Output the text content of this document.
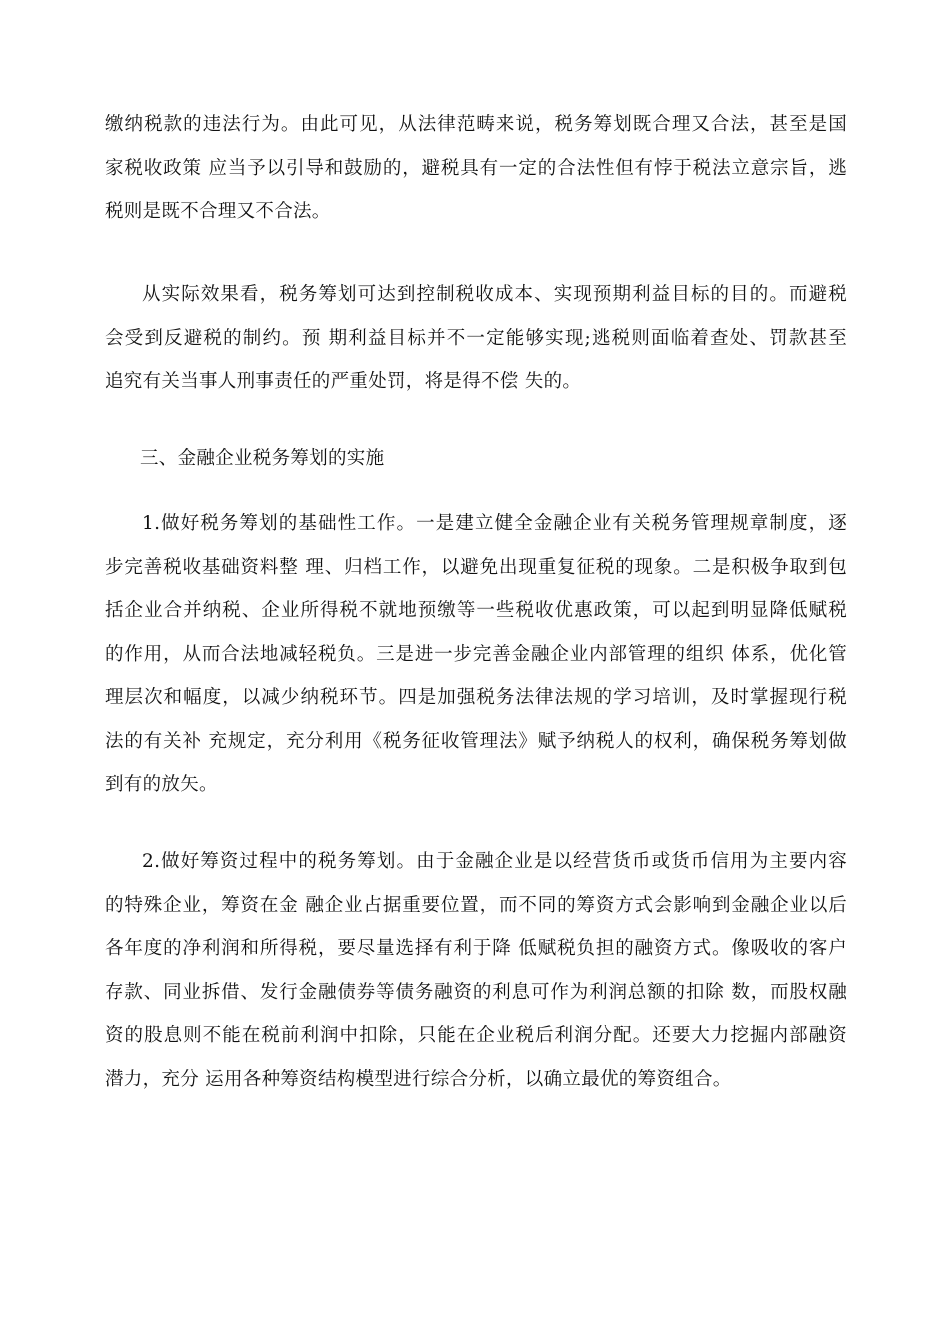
缴纳税款的违法行为。由此可见，从法律范畴来说，税务筹划既合理又合法，甚至是国
家税收政策 应当予以引导和鼓励的，避税具有一定的合法性但有悖于税法立意宗旨，逃
税则是既不合理又不合法。

从实际效果看，税务筹划可达到控制税收成本、实现预期利益目标的目的。而避税
会受到反避税的制约。预 期利益目标并不一定能够实现;逃税则面临着查处、罚款甚至
追究有关当事人刑事责任的严重处罚，将是得不偿 失的。

三、金融企业税务筹划的实施

1.做好税务筹划的基础性工作。一是建立健全金融企业有关税务管理规章制度，逐
步完善税收基础资料整 理、归档工作，以避免出现重复征税的现象。二是积极争取到包
括企业合并纳税、企业所得税不就地预缴等一些税收优惠政策，可以起到明显降低赋税
的作用，从而合法地减轻税负。三是进一步完善金融企业内部管理的组织 体系，优化管
理层次和幅度，以减少纳税环节。四是加强税务法律法规的学习培训，及时掌握现行税
法的有关补 充规定，充分利用《税务征收管理法》赋予纳税人的权利，确保税务筹划做
到有的放矢。

2.做好筹资过程中的税务筹划。由于金融企业是以经营货币或货币信用为主要内容
的特殊企业，筹资在金 融企业占据重要位置，而不同的筹资方式会影响到金融企业以后
各年度的净利润和所得税，要尽量选择有利于降 低赋税负担的融资方式。像吸收的客户
存款、同业拆借、发行金融债券等债务融资的利息可作为利润总额的扣除 数，而股权融
资的股息则不能在税前利润中扣除，只能在企业税后利润分配。还要大力挖掘内部融资
潜力，充分 运用各种筹资结构模型进行综合分析，以确立最优的筹资组合。
